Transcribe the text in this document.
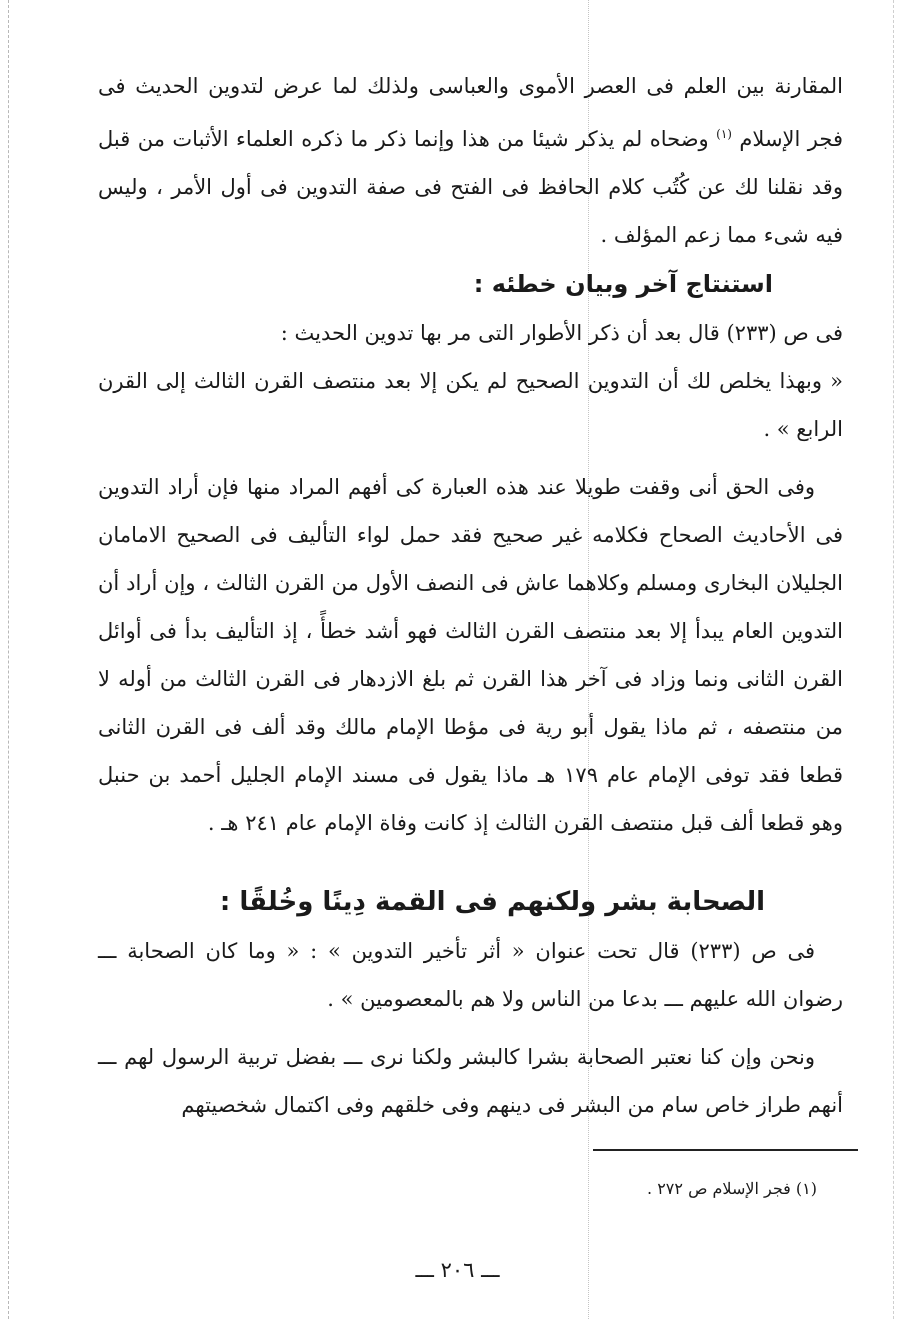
المقارنة بين العلم فى العصر الأموى والعباسى ولذلك لما عرض لتدوين الحديث فى فجر الإسلام $^{(١)}$ وضحاه لم يذكر شيئا من هذا وإنما ذكر ما ذكره العلماء الأثبات من قبل وقد نقلنا لك عن كُتُب كلام الحافظ فى الفتح فى صفة التدوين فى أول الأمر ، وليس فيه شىء مما زعم المؤلف .

استنتاج آخر وبيان خطئه :

فى ص (٢٣٣) قال بعد أن ذكر الأطوار التى مر بها تدوين الحديث :

« وبهذا يخلص لك أن التدوين الصحيح لم يكن إلا بعد منتصف القرن الثالث إلى القرن الرابع » .

وفى الحق أنى وقفت طويلا عند هذه العبارة كى أفهم المراد منها فإن أراد التدوين فى الأحاديث الصحاح فكلامه غير صحيح فقد حمل لواء التأليف فى الصحيح الامامان الجليلان البخارى ومسلم وكلاهما عاش فى النصف الأول من القرن الثالث ، وإن أراد أن التدوين العام يبدأ إلا بعد منتصف القرن الثالث فهو أشد خطأً ، إذ التأليف بدأ فى أوائل القرن الثانى ونما وزاد فى آخر هذا القرن ثم بلغ الازدهار فى القرن الثالث من أوله لا من منتصفه ، ثم ماذا يقول أبو رية فى مؤطا الإمام مالك وقد ألف فى القرن الثانى قطعا فقد توفى الإمام عام ١٧٩ هـ ماذا يقول فى مسند الإمام الجليل أحمد بن حنبل وهو قطعا ألف قبل منتصف القرن الثالث إذ كانت وفاة الإمام عام ٢٤١ هـ .

الصحابة بشر ولكنهم فى القمة دِينًا وخُلقًا :

فى ص (٢٣٣) قال تحت عنوان « أثر تأخير التدوين » : « وما كان الصحابة ـــ رضوان الله عليهم ـــ بدعا من الناس ولا هم بالمعصومين » .

ونحن وإن كنا نعتبر الصحابة بشرا كالبشر ولكنا نرى ـــ بفضل تربية الرسول لهم ـــ أنهم طراز خاص سام من البشر فى دينهم وفى خلقهم وفى اكتمال شخصيتهم

(١) فجر الإسلام ص ٢٧٢ .
ـــ ٢٠٦ ـــ
